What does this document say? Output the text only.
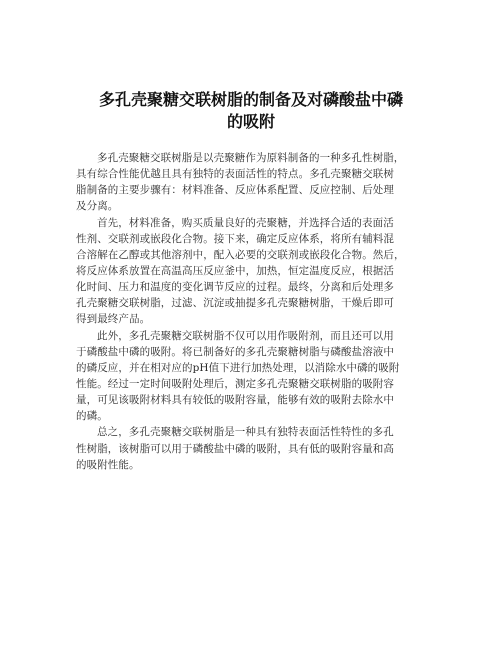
多孔壳聚糖交联树脂的制备及对磷酸盐中磷
的吸附

多孔壳聚糖交联树脂是以壳聚糖作为原料制备的一种多孔性树脂，
具有综合性能优越且具有独特的表面活性的特点。多孔壳聚糖交联树
脂制备的主要步骤有：材料准备、反应体系配置、反应控制、后处理
及分离。

首先，材料准备，购买质量良好的壳聚糖，并选择合适的表面活
性剂、交联剂或嵌段化合物。接下来，确定反应体系，将所有辅料混
合溶解在乙醇或其他溶剂中，配入必要的交联剂或嵌段化合物。然后，
将反应体系放置在高温高压反应釜中，加热，恒定温度反应，根据活
化时间、压力和温度的变化调节反应的过程。最终，分离和后处理多
孔壳聚糖交联树脂，过滤、沉淀或抽提多孔壳聚糖树脂，干燥后即可
得到最终产品。

此外，多孔壳聚糖交联树脂不仅可以用作吸附剂，而且还可以用
于磷酸盐中磷的吸附。将已制备好的多孔壳聚糖树脂与磷酸盐溶液中
的磷反应，并在相对应的pH值下进行加热处理，以消除水中磷的吸附
性能。经过一定时间吸附处理后，测定多孔壳聚糖交联树脂的吸附容
量，可见该吸附材料具有较低的吸附容量，能够有效的吸附去除水中
的磷。

总之，多孔壳聚糖交联树脂是一种具有独特表面活性特性的多孔
性树脂，该树脂可以用于磷酸盐中磷的吸附，具有低的吸附容量和高
的吸附性能。
